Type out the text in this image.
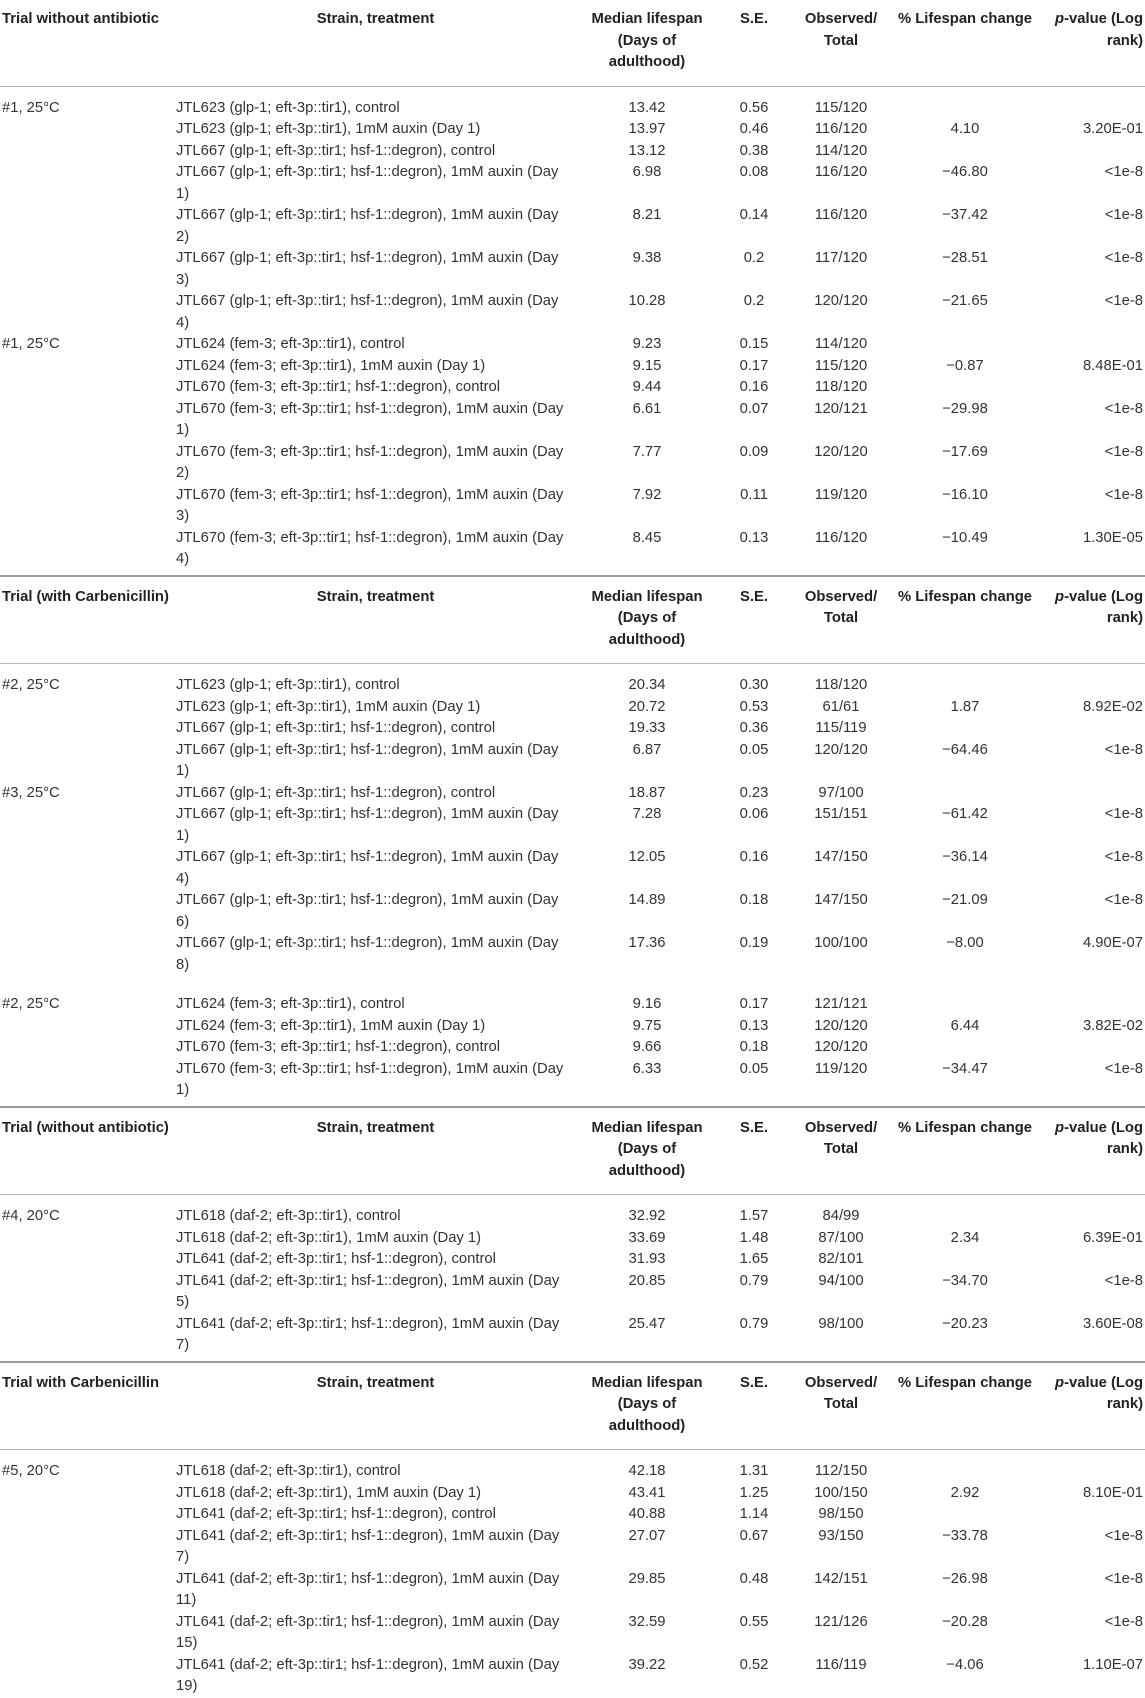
Trial without antibiotic	Strain, treatment	Median lifespan (Days of adulthood)	S.E.	Observed/ Total	% Lifespan change	p-value (Log rank)
#1, 25°C	JTL623 (glp-1; eft-3p::tir1), control	13.42	0.56	115/120		
	JTL623 (glp-1; eft-3p::tir1), 1mM auxin (Day 1)	13.97	0.46	116/120	4.10	3.20E-01
	JTL667 (glp-1; eft-3p::tir1; hsf-1::degron), control	13.12	0.38	114/120		
	JTL667 (glp-1; eft-3p::tir1; hsf-1::degron), 1mM auxin (Day 1)	6.98	0.08	116/120	−46.80	<1e-8
	JTL667 (glp-1; eft-3p::tir1; hsf-1::degron), 1mM auxin (Day 2)	8.21	0.14	116/120	−37.42	<1e-8
	JTL667 (glp-1; eft-3p::tir1; hsf-1::degron), 1mM auxin (Day 3)	9.38	0.2	117/120	−28.51	<1e-8
	JTL667 (glp-1; eft-3p::tir1; hsf-1::degron), 1mM auxin (Day 4)	10.28	0.2	120/120	−21.65	<1e-8
#1, 25°C	JTL624 (fem-3; eft-3p::tir1), control	9.23	0.15	114/120		
	JTL624 (fem-3; eft-3p::tir1), 1mM auxin (Day 1)	9.15	0.17	115/120	−0.87	8.48E-01
	JTL670 (fem-3; eft-3p::tir1; hsf-1::degron), control	9.44	0.16	118/120		
	JTL670 (fem-3; eft-3p::tir1; hsf-1::degron), 1mM auxin (Day 1)	6.61	0.07	120/121	−29.98	<1e-8
	JTL670 (fem-3; eft-3p::tir1; hsf-1::degron), 1mM auxin (Day 2)	7.77	0.09	120/120	−17.69	<1e-8
	JTL670 (fem-3; eft-3p::tir1; hsf-1::degron), 1mM auxin (Day 3)	7.92	0.11	119/120	−16.10	<1e-8
	JTL670 (fem-3; eft-3p::tir1; hsf-1::degron), 1mM auxin (Day 4)	8.45	0.13	116/120	−10.49	1.30E-05
Trial (with Carbenicillin)	Strain, treatment	Median lifespan (Days of adulthood)	S.E.	Observed/ Total	% Lifespan change	p-value (Log rank)
#2, 25°C	JTL623 (glp-1; eft-3p::tir1), control	20.34	0.30	118/120		
	JTL623 (glp-1; eft-3p::tir1), 1mM auxin (Day 1)	20.72	0.53	61/61	1.87	8.92E-02
	JTL667 (glp-1; eft-3p::tir1; hsf-1::degron), control	19.33	0.36	115/119		
	JTL667 (glp-1; eft-3p::tir1; hsf-1::degron), 1mM auxin (Day 1)	6.87	0.05	120/120	−64.46	<1e-8
#3, 25°C	JTL667 (glp-1; eft-3p::tir1; hsf-1::degron), control	18.87	0.23	97/100		
	JTL667 (glp-1; eft-3p::tir1; hsf-1::degron), 1mM auxin (Day 1)	7.28	0.06	151/151	−61.42	<1e-8
	JTL667 (glp-1; eft-3p::tir1; hsf-1::degron), 1mM auxin (Day 4)	12.05	0.16	147/150	−36.14	<1e-8
	JTL667 (glp-1; eft-3p::tir1; hsf-1::degron), 1mM auxin (Day 6)	14.89	0.18	147/150	−21.09	<1e-8
	JTL667 (glp-1; eft-3p::tir1; hsf-1::degron), 1mM auxin (Day 8)	17.36	0.19	100/100	−8.00	4.90E-07

#2, 25°C	JTL624 (fem-3; eft-3p::tir1), control	9.16	0.17	121/121		
	JTL624 (fem-3; eft-3p::tir1), 1mM auxin (Day 1)	9.75	0.13	120/120	6.44	3.82E-02
	JTL670 (fem-3; eft-3p::tir1; hsf-1::degron), control	9.66	0.18	120/120		
	JTL670 (fem-3; eft-3p::tir1; hsf-1::degron), 1mM auxin (Day 1)	6.33	0.05	119/120	−34.47	<1e-8
Trial (without antibiotic)	Strain, treatment	Median lifespan (Days of adulthood)	S.E.	Observed/ Total	% Lifespan change	p-value (Log rank)
#4, 20°C	JTL618 (daf-2; eft-3p::tir1), control	32.92	1.57	84/99		
	JTL618 (daf-2; eft-3p::tir1), 1mM auxin (Day 1)	33.69	1.48	87/100	2.34	6.39E-01
	JTL641 (daf-2; eft-3p::tir1; hsf-1::degron), control	31.93	1.65	82/101		
	JTL641 (daf-2; eft-3p::tir1; hsf-1::degron), 1mM auxin (Day 5)	20.85	0.79	94/100	−34.70	<1e-8
	JTL641 (daf-2; eft-3p::tir1; hsf-1::degron), 1mM auxin (Day 7)	25.47	0.79	98/100	−20.23	3.60E-08
Trial with Carbenicillin	Strain, treatment	Median lifespan (Days of adulthood)	S.E.	Observed/ Total	% Lifespan change	p-value (Log rank)
#5, 20°C	JTL618 (daf-2; eft-3p::tir1), control	42.18	1.31	112/150		
	JTL618 (daf-2; eft-3p::tir1), 1mM auxin (Day 1)	43.41	1.25	100/150	2.92	8.10E-01
	JTL641 (daf-2; eft-3p::tir1; hsf-1::degron), control	40.88	1.14	98/150		
	JTL641 (daf-2; eft-3p::tir1; hsf-1::degron), 1mM auxin (Day 7)	27.07	0.67	93/150	−33.78	<1e-8
	JTL641 (daf-2; eft-3p::tir1; hsf-1::degron), 1mM auxin (Day 11)	29.85	0.48	142/151	−26.98	<1e-8
	JTL641 (daf-2; eft-3p::tir1; hsf-1::degron), 1mM auxin (Day 15)	32.59	0.55	121/126	−20.28	<1e-8
	JTL641 (daf-2; eft-3p::tir1; hsf-1::degron), 1mM auxin (Day 19)	39.22	0.52	116/119	−4.06	1.10E-07
